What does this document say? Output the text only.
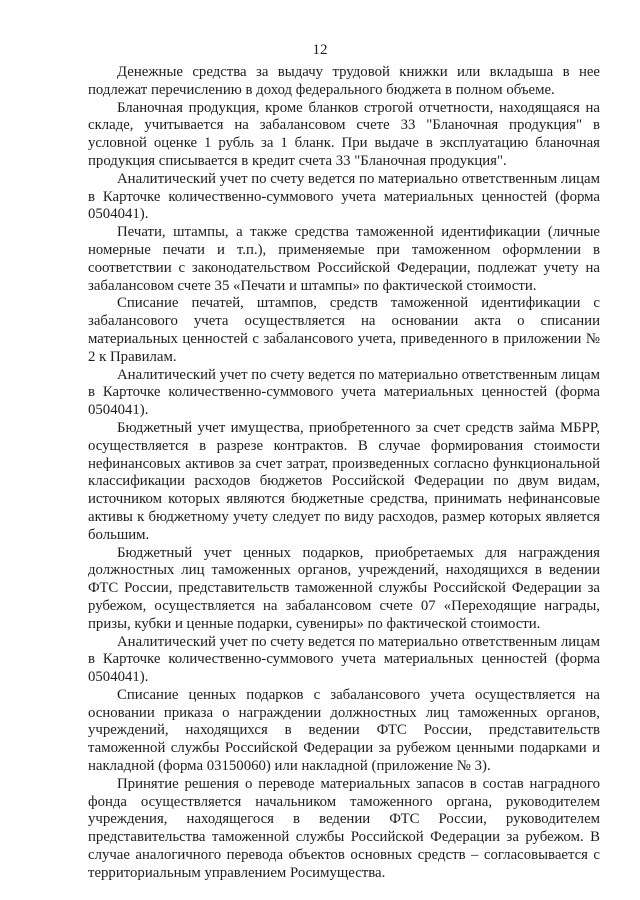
12

Денежные средства за выдачу трудовой книжки или вкладыша в нее подлежат перечислению в доход федерального бюджета в полном объеме.

Бланочная продукция, кроме бланков строгой отчетности, находящаяся на складе, учитывается на забалансовом счете 33 "Бланочная продукция" в условной оценке 1 рубль за 1 бланк. При выдаче в эксплуатацию бланочная продукция списывается в кредит счета 33 "Бланочная продукция".

Аналитический учет по счету ведется по материально ответственным лицам в Карточке количественно-суммового учета материальных ценностей (форма 0504041).

Печати, штампы, а также средства таможенной идентификации (личные номерные печати и т.п.), применяемые при таможенном оформлении в соответствии с законодательством Российской Федерации, подлежат учету на забалансовом счете 35 «Печати и штампы» по фактической стоимости.

Списание печатей, штампов, средств таможенной идентификации с забалансового учета осуществляется на основании акта о списании материальных ценностей с забалансового учета, приведенного в приложении № 2 к Правилам.

Аналитический учет по счету ведется по материально ответственным лицам в Карточке количественно-суммового учета материальных ценностей (форма 0504041).

Бюджетный учет имущества, приобретенного за счет средств займа МБРР, осуществляется в разрезе контрактов. В случае формирования стоимости нефинансовых активов за счет затрат, произведенных согласно функциональной классификации расходов бюджетов Российской Федерации по двум видам, источником которых являются бюджетные средства, принимать нефинансовые активы к бюджетному учету следует по виду расходов, размер которых является большим.

Бюджетный учет ценных подарков, приобретаемых для награждения должностных лиц таможенных органов, учреждений, находящихся в ведении ФТС России, представительств таможенной службы Российской Федерации за рубежом, осуществляется на забалансовом счете 07 «Переходящие награды, призы, кубки и ценные подарки, сувениры» по фактической стоимости.

Аналитический учет по счету ведется по материально ответственным лицам в Карточке количественно-суммового учета материальных ценностей (форма 0504041).

Списание ценных подарков с забалансового учета осуществляется на основании приказа о награждении должностных лиц таможенных органов, учреждений, находящихся в ведении ФТС России, представительств таможенной службы Российской Федерации за рубежом ценными подарками и накладной (форма 03150060) или накладной (приложение № 3).

Принятие решения о переводе материальных запасов в состав наградного фонда осуществляется начальником таможенного органа, руководителем учреждения, находящегося в ведении ФТС России, руководителем представительства таможенной службы Российской Федерации за рубежом. В случае аналогичного перевода объектов основных средств – согласовывается с территориальным управлением Росимущества.
